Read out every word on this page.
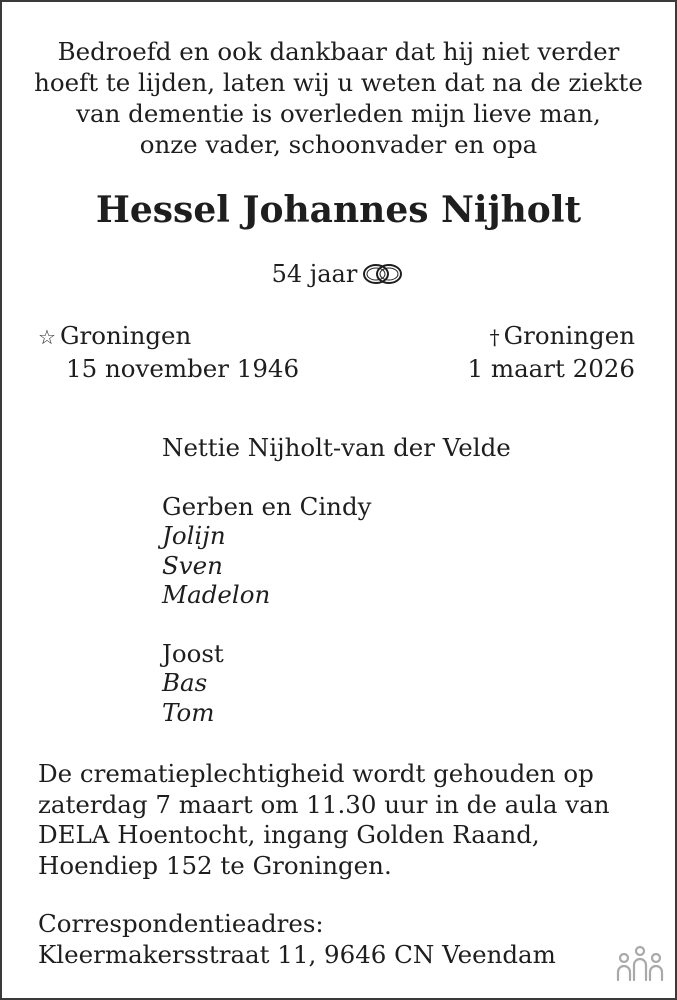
Bedroefd en ook dankbaar dat hij niet verder
hoeft te lijden, laten wij u weten dat na de ziekte
van dementie is overleden mijn lieve man,
onze vader, schoonvader en opa
Hessel Johannes Nijholt
54 jaar
☆ Groningen
15 november 1946
† Groningen
1 maart 2026
Nettie Nijholt-van der Velde
Gerben en Cindy
Jolijn
Sven
Madelon
Joost
Bas
Tom
De crematieplechtigheid wordt gehouden op
zaterdag 7 maart om 11.30 uur in de aula van
DELA Hoentocht, ingang Golden Raand,
Hoendiep 152 te Groningen.
Correspondentieadres:
Kleermakersstraat 11, 9646 CN Veendam
